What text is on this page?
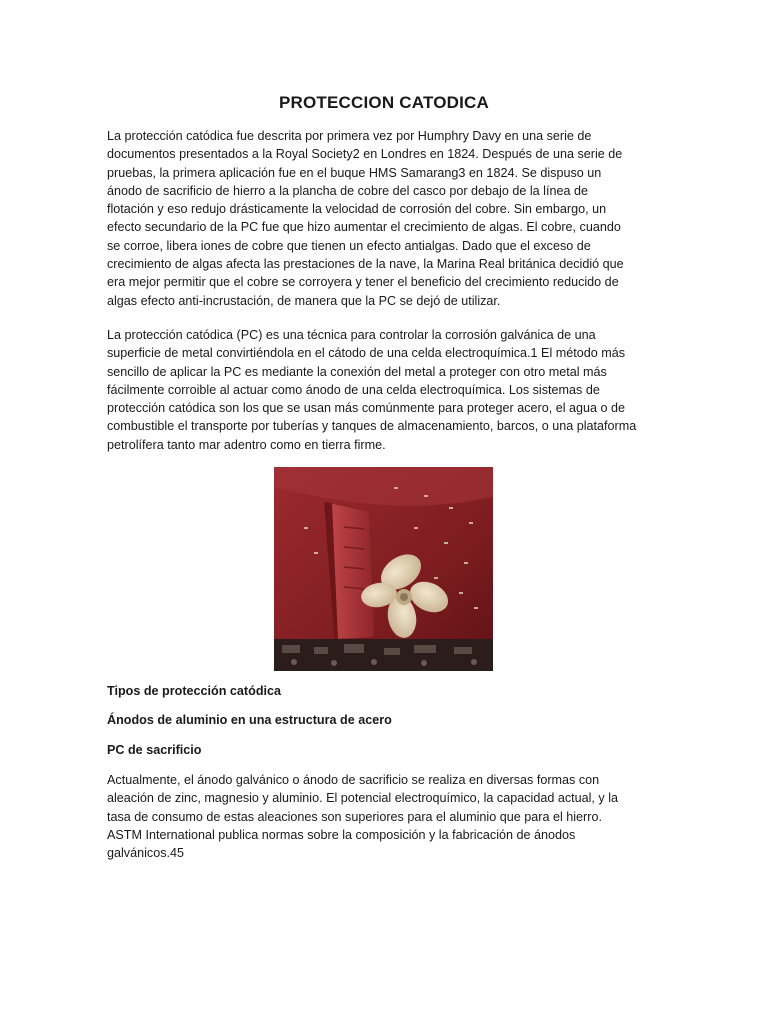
PROTECCION CATODICA

La protección catódica fue descrita por primera vez por Humphry Davy en una serie de documentos presentados a la Royal Society2 en Londres en 1824. Después de una serie de pruebas, la primera aplicación fue en el buque HMS Samarang3 en 1824. Se dispuso un ánodo de sacrificio de hierro a la plancha de cobre del casco por debajo de la línea de flotación y eso redujo drásticamente la velocidad de corrosión del cobre. Sin embargo, un efecto secundario de la PC fue que hizo aumentar el crecimiento de algas. El cobre, cuando se corroe, libera iones de cobre que tienen un efecto antialgas. Dado que el exceso de crecimiento de algas afecta las prestaciones de la nave, la Marina Real británica decidió que era mejor permitir que el cobre se corroyera y tener el beneficio del crecimiento reducido de algas efecto anti-incrustación, de manera que la PC se dejó de utilizar.

La protección catódica (PC) es una técnica para controlar la corrosión galvánica de una superficie de metal convirtiéndola en el cátodo de una celda electroquímica.1 El método más sencillo de aplicar la PC es mediante la conexión del metal a proteger con otro metal más fácilmente corroible al actuar como ánodo de una celda electroquímica. Los sistemas de protección catódica son los que se usan más comúnmente para proteger acero, el agua o de combustible el transporte por tuberías y tanques de almacenamiento, barcos, o una plataforma petrolífera tanto mar adentro como en tierra firme.

Tipos de protección catódica
Ánodos de aluminio en una estructura de acero
PC de sacrificio

Actualmente, el ánodo galvánico o ánodo de sacrificio se realiza en diversas formas con aleación de zinc, magnesio y aluminio. El potencial electroquímico, la capacidad actual, y la tasa de consumo de estas aleaciones son superiores para el aluminio que para el hierro. ASTM International publica normas sobre la composición y la fabricación de ánodos galvánicos.45
